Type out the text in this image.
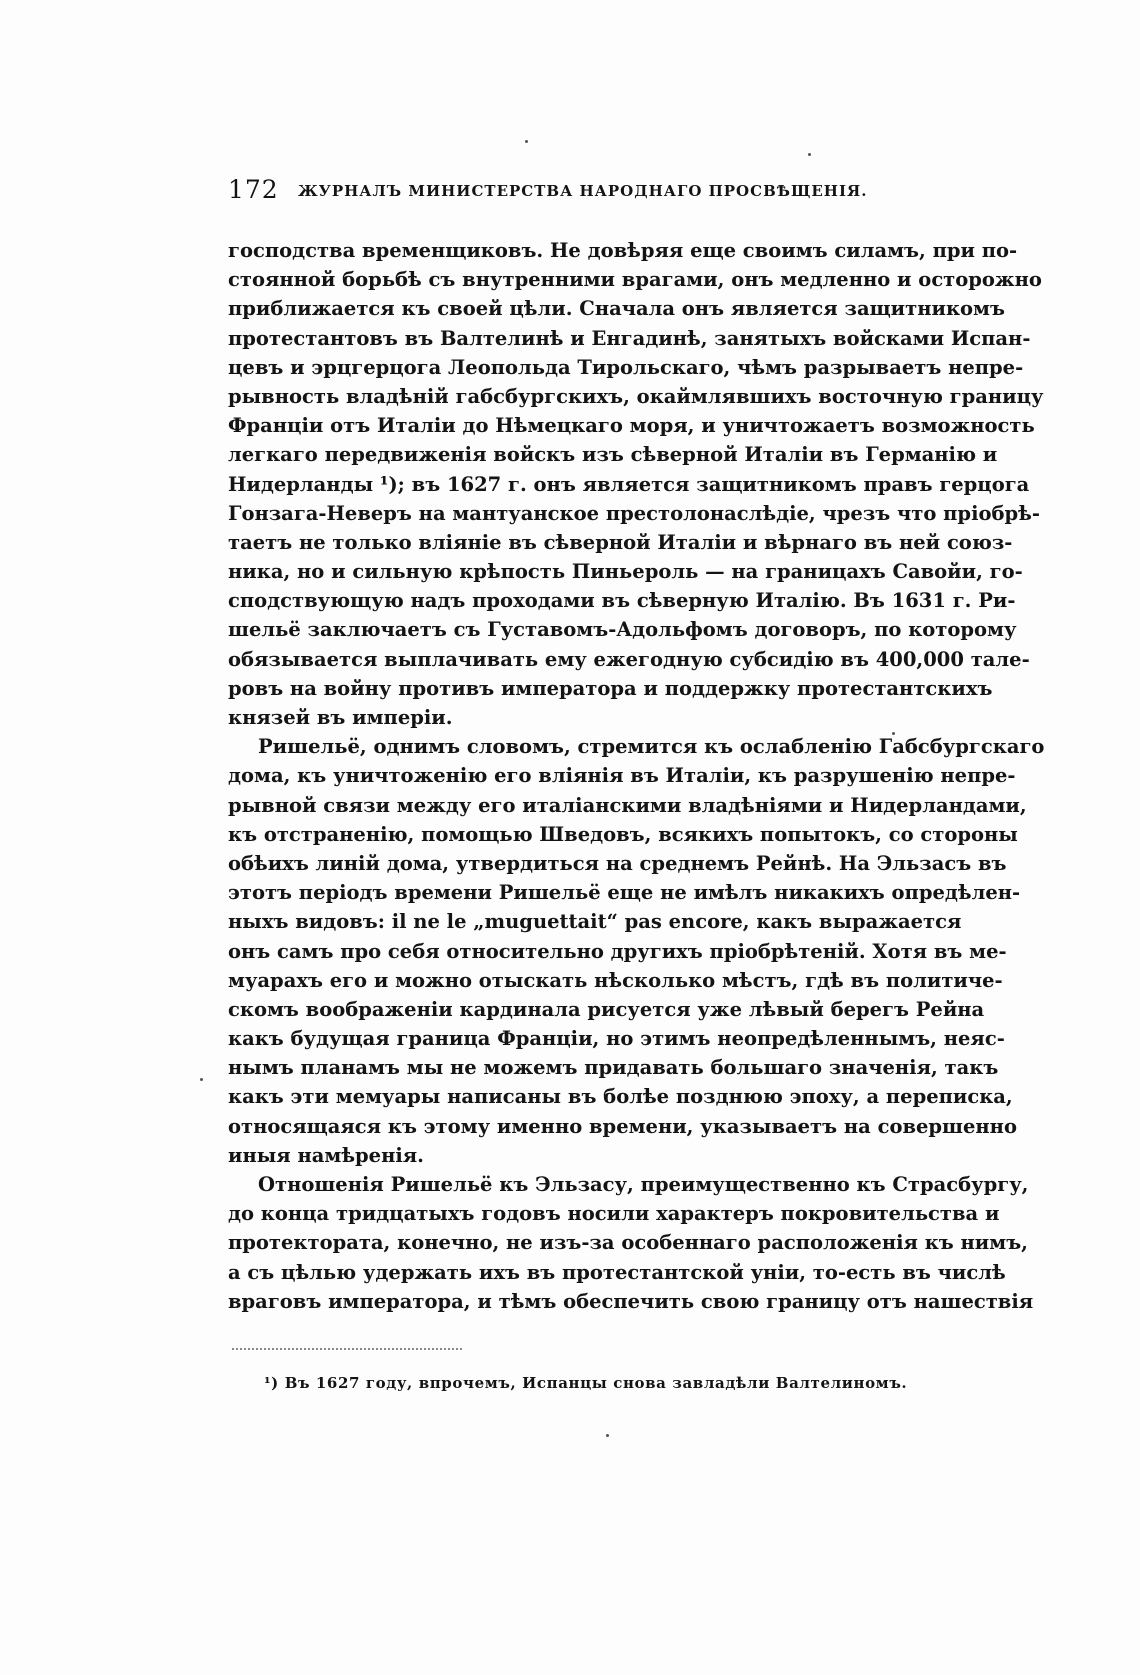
172 ЖУРНАЛЪ МИНИСТЕРСТВА НАРОДНАГО ПРОСВѢЩЕНІЯ.
господства временщиковъ. Не довѣряя еще своимъ силамъ, при по-
стоянной борьбѣ съ внутренними врагами, онъ медленно и осторожно
приближается къ своей цѣли. Сначала онъ является защитникомъ
протестантовъ въ Валтелинѣ и Енгадинѣ, занятыхъ войсками Испан-
цевъ и эрцгерцога Леопольда Тирольскаго, чѣмъ разрываетъ непре-
рывность владѣній габсбургскихъ, окаймлявшихъ восточную границу
Франціи отъ Италіи до Нѣмецкаго моря, и уничтожаетъ возможность
легкаго передвиженія войскъ изъ сѣверной Италіи въ Германію и
Нидерланды ¹); въ 1627 г. онъ является защитникомъ правъ герцога
Гонзага-Неверъ на мантуанское престолонаслѣдіе, чрезъ что пріобрѣ-
таетъ не только вліяніе въ сѣверной Италіи и вѣрнаго въ ней союз-
ника, но и сильную крѣпость Пиньероль — на границахъ Савойи, го-
сподствующую надъ проходами въ сѣверную Италію. Въ 1631 г. Ри-
шельё заключаетъ съ Густавомъ-Адольфомъ договоръ, по которому
обязывается выплачивать ему ежегодную субсидію въ 400,000 тале-
ровъ на войну противъ императора и поддержку протестантскихъ
князей въ имперіи.
Ришельё, однимъ словомъ, стремится къ ослабленію Габсбургскаго
дома, къ уничтоженію его вліянія въ Италіи, къ разрушенію непре-
рывной связи между его италіанскими владѣніями и Нидерландами,
къ отстраненію, помощью Шведовъ, всякихъ попытокъ, со стороны
обѣихъ линій дома, утвердиться на среднемъ Рейнѣ. На Эльзасъ въ
этотъ періодъ времени Ришельё еще не имѣлъ никакихъ опредѣлен-
ныхъ видовъ: il ne le „muguettait“ pas encore, какъ выражается
онъ самъ про себя относительно другихъ пріобрѣтеній. Хотя въ ме-
муарахъ его и можно отыскать нѣсколько мѣстъ, гдѣ въ политиче-
скомъ воображеніи кардинала рисуется уже лѣвый берегъ Рейна
какъ будущая граница Франціи, но этимъ неопредѣленнымъ, неяс-
нымъ планамъ мы не можемъ придавать большаго значенія, такъ
какъ эти мемуары написаны въ болѣе позднюю эпоху, а переписка,
относящаяся къ этому именно времени, указываетъ на совершенно
иныя намѣренія.
Отношенія Ришельё къ Эльзасу, преимущественно къ Страсбургу,
до конца тридцатыхъ годовъ носили характеръ покровительства и
протектората, конечно, не изъ-за особеннаго расположенія къ нимъ,
а съ цѣлью удержать ихъ въ протестантской уніи, то-есть въ числѣ
враговъ императора, и тѣмъ обеспечить свою границу отъ нашествія
¹) Въ 1627 году, впрочемъ, Испанцы снова завладѣли Валтелиномъ.
